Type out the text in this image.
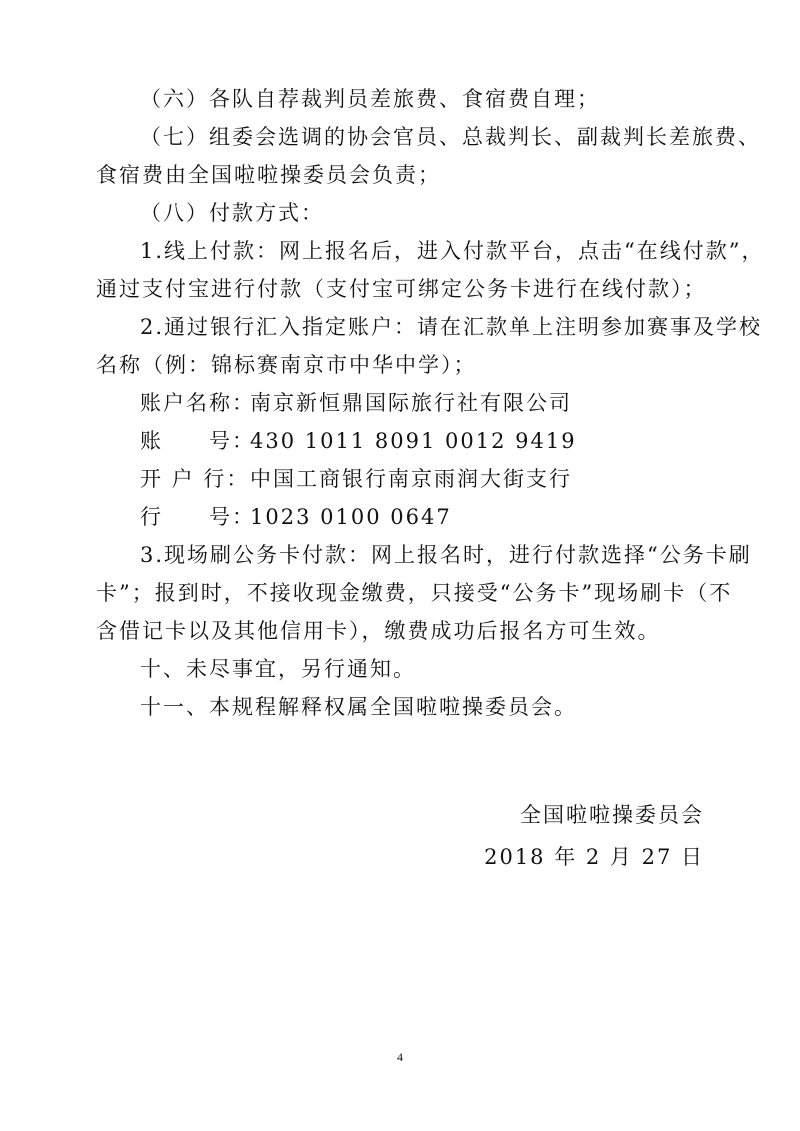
（六）各队自荐裁判员差旅费、食宿费自理；
（七）组委会选调的协会官员、总裁判长、副裁判长差旅费、
食宿费由全国啦啦操委员会负责；
（八）付款方式：
1.线上付款：网上报名后，进入付款平台，点击“在线付款”，
通过支付宝进行付款（支付宝可绑定公务卡进行在线付款）；
2.通过银行汇入指定账户：请在汇款单上注明参加赛事及学校
名称（例：锦标赛南京市中华中学）；
账户名称：南京新恒鼎国际旅行社有限公司
账　　号：430 1011 8091 0012 9419
开 户 行：中国工商银行南京雨润大街支行
行　　号：1023 0100 0647
3.现场刷公务卡付款：网上报名时，进行付款选择“公务卡刷
卡”；报到时，不接收现金缴费，只接受“公务卡”现场刷卡（不
含借记卡以及其他信用卡），缴费成功后报名方可生效。
十、未尽事宜，另行通知。
十一、本规程解释权属全国啦啦操委员会。
全国啦啦操委员会
2018 年 2 月 27 日
4
